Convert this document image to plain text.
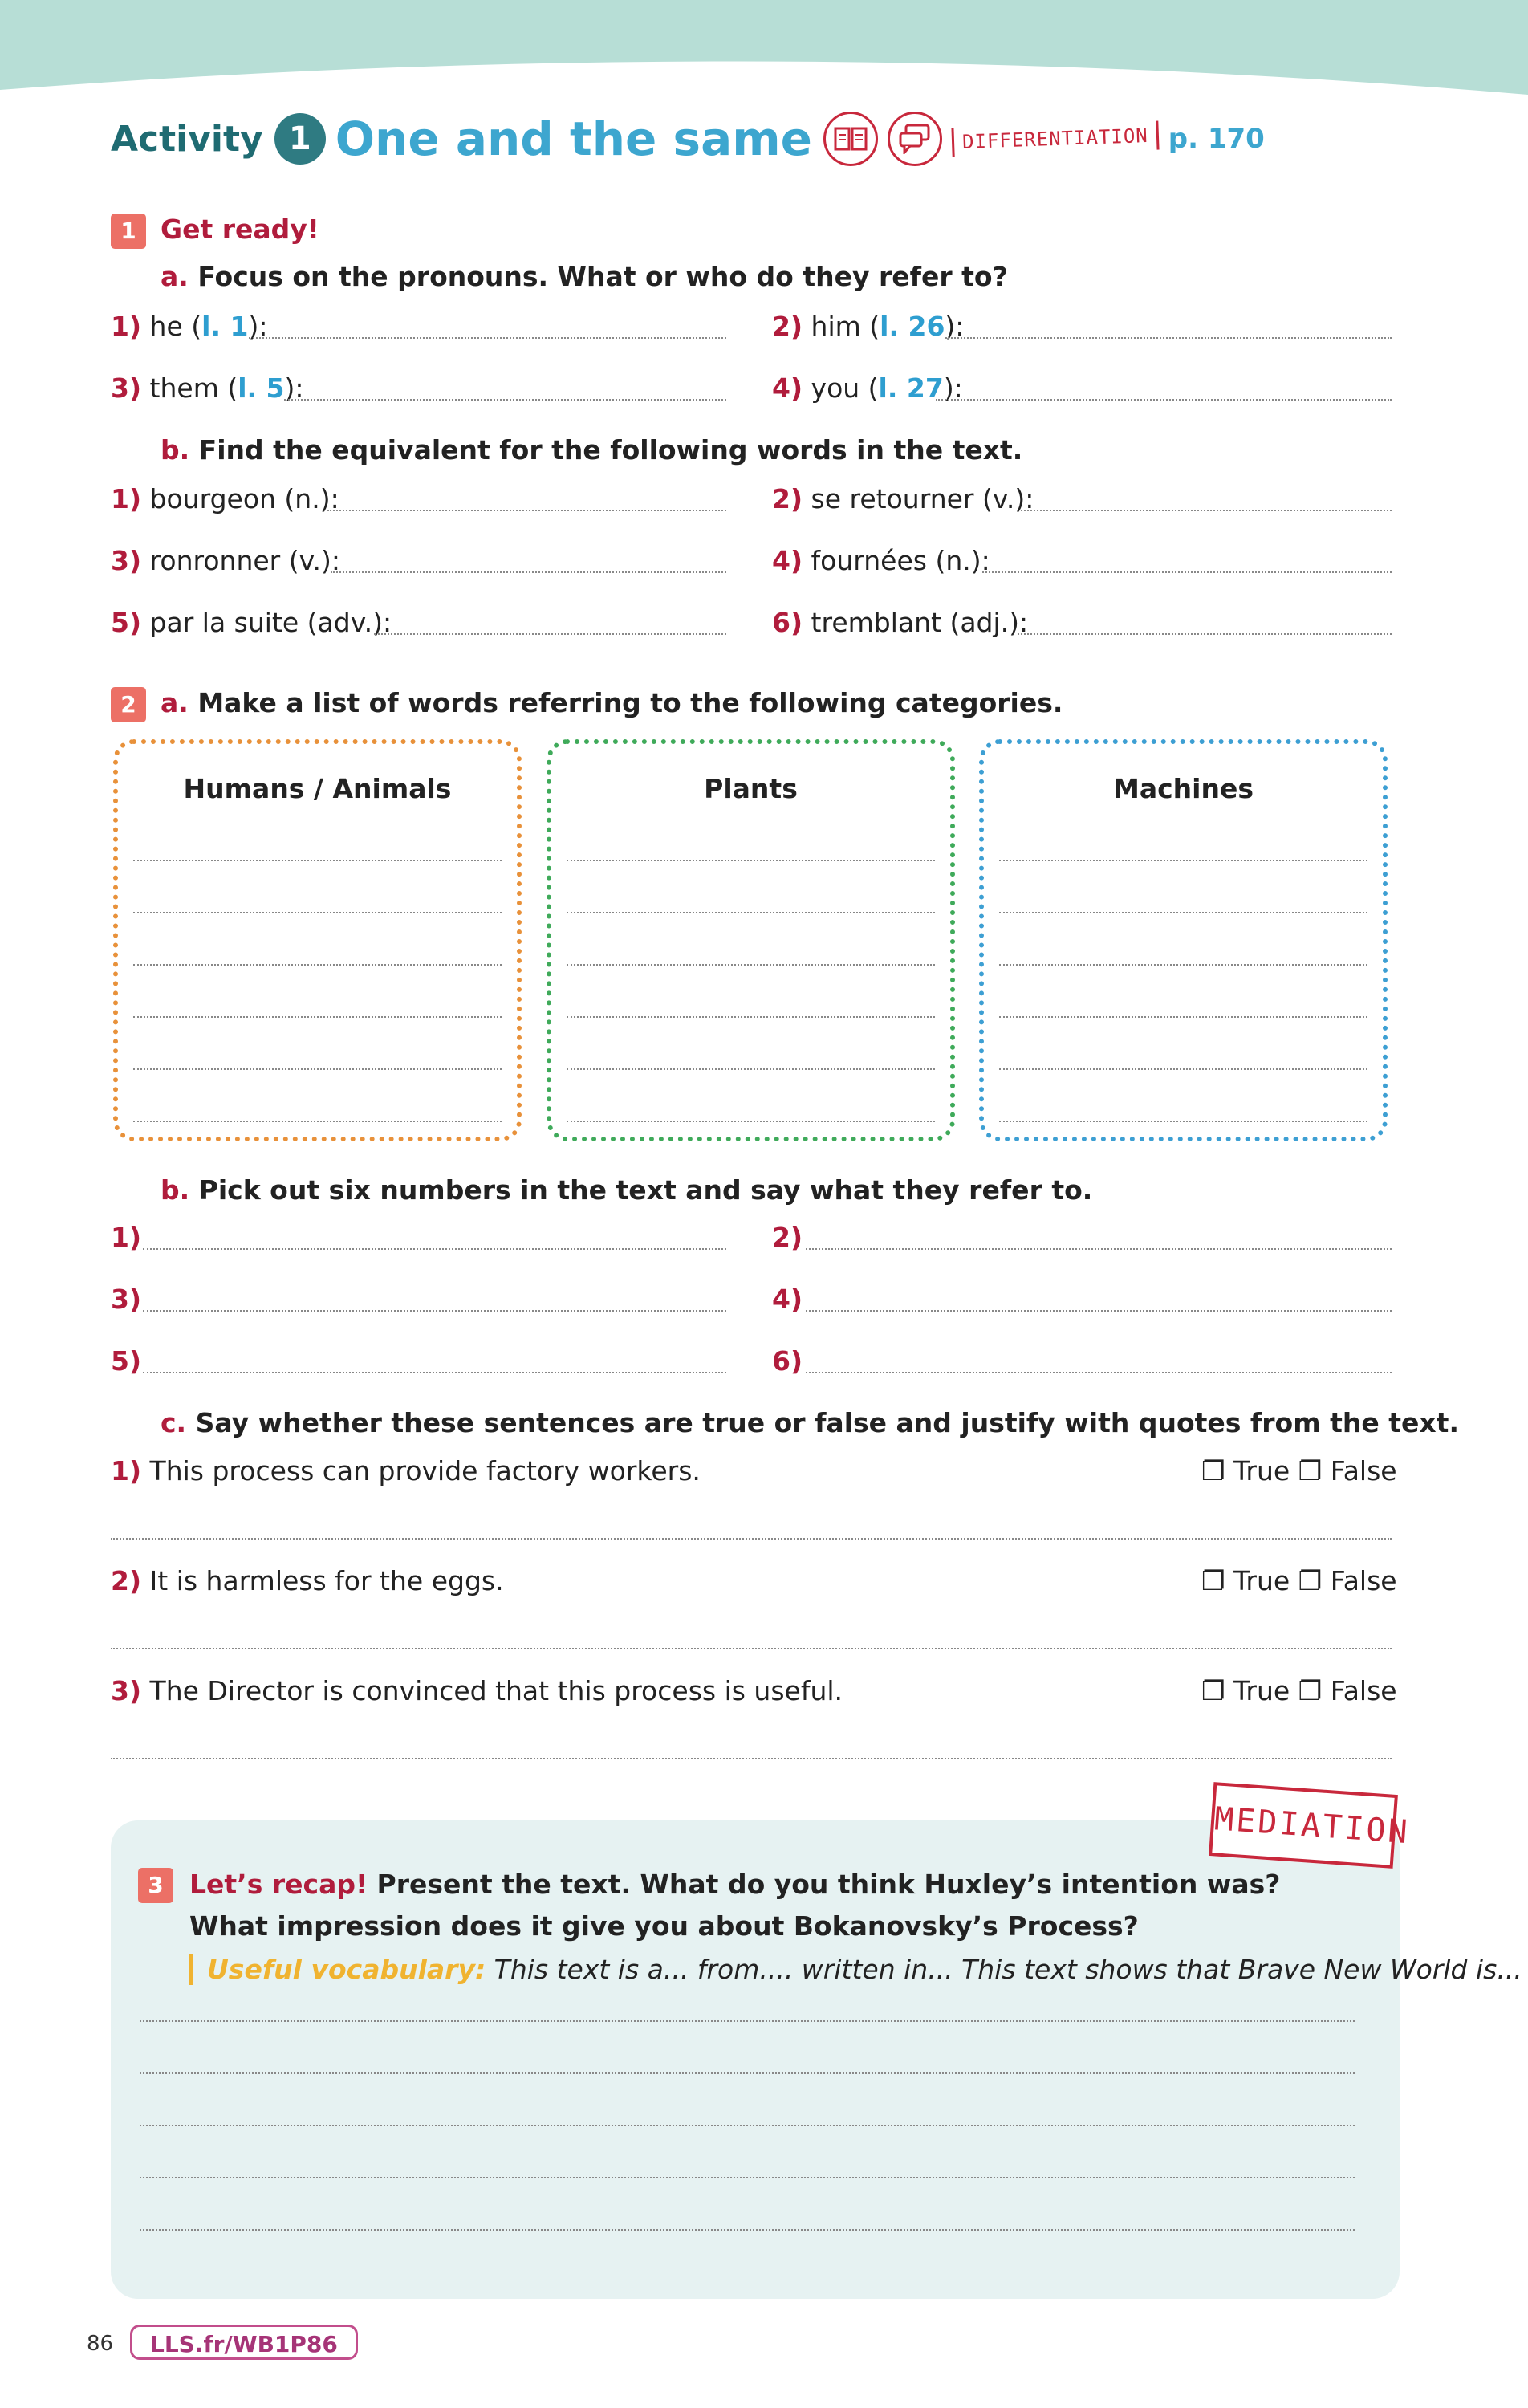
Activity 1 One and the same	DIFFERENTIATION p. 170
1 Get ready!
a. Focus on the pronouns. What or who do they refer to?
1) he (l. 1):	2) him (l. 26):
3) them (l. 5):	4) you (l. 27):
b. Find the equivalent for the following words in the text.
1) bourgeon (n.):	2) se retourner (v.):
3) ronronner (v.):	4) fournées (n.):
5) par la suite (adv.):	6) tremblant (adj.):
2 a. Make a list of words referring to the following categories.
Humans / Animals	Plants	Machines
b. Pick out six numbers in the text and say what they refer to.
1)	2)
3)	4)
5)	6)
c. Say whether these sentences are true or false and justify with quotes from the text.
1) This process can provide factory workers.	❐ True ❐ False
2) It is harmless for the eggs.	❐ True ❐ False
3) The Director is convinced that this process is useful.	❐ True ❐ False
MEDIATION
3 Let’s recap! Present the text. What do you think Huxley’s intention was? What impression does it give you about Bokanovsky’s Process?
Useful vocabulary: This text is a... from.... written in... This text shows that Brave New World is...
86	LLS.fr/WB1P86
